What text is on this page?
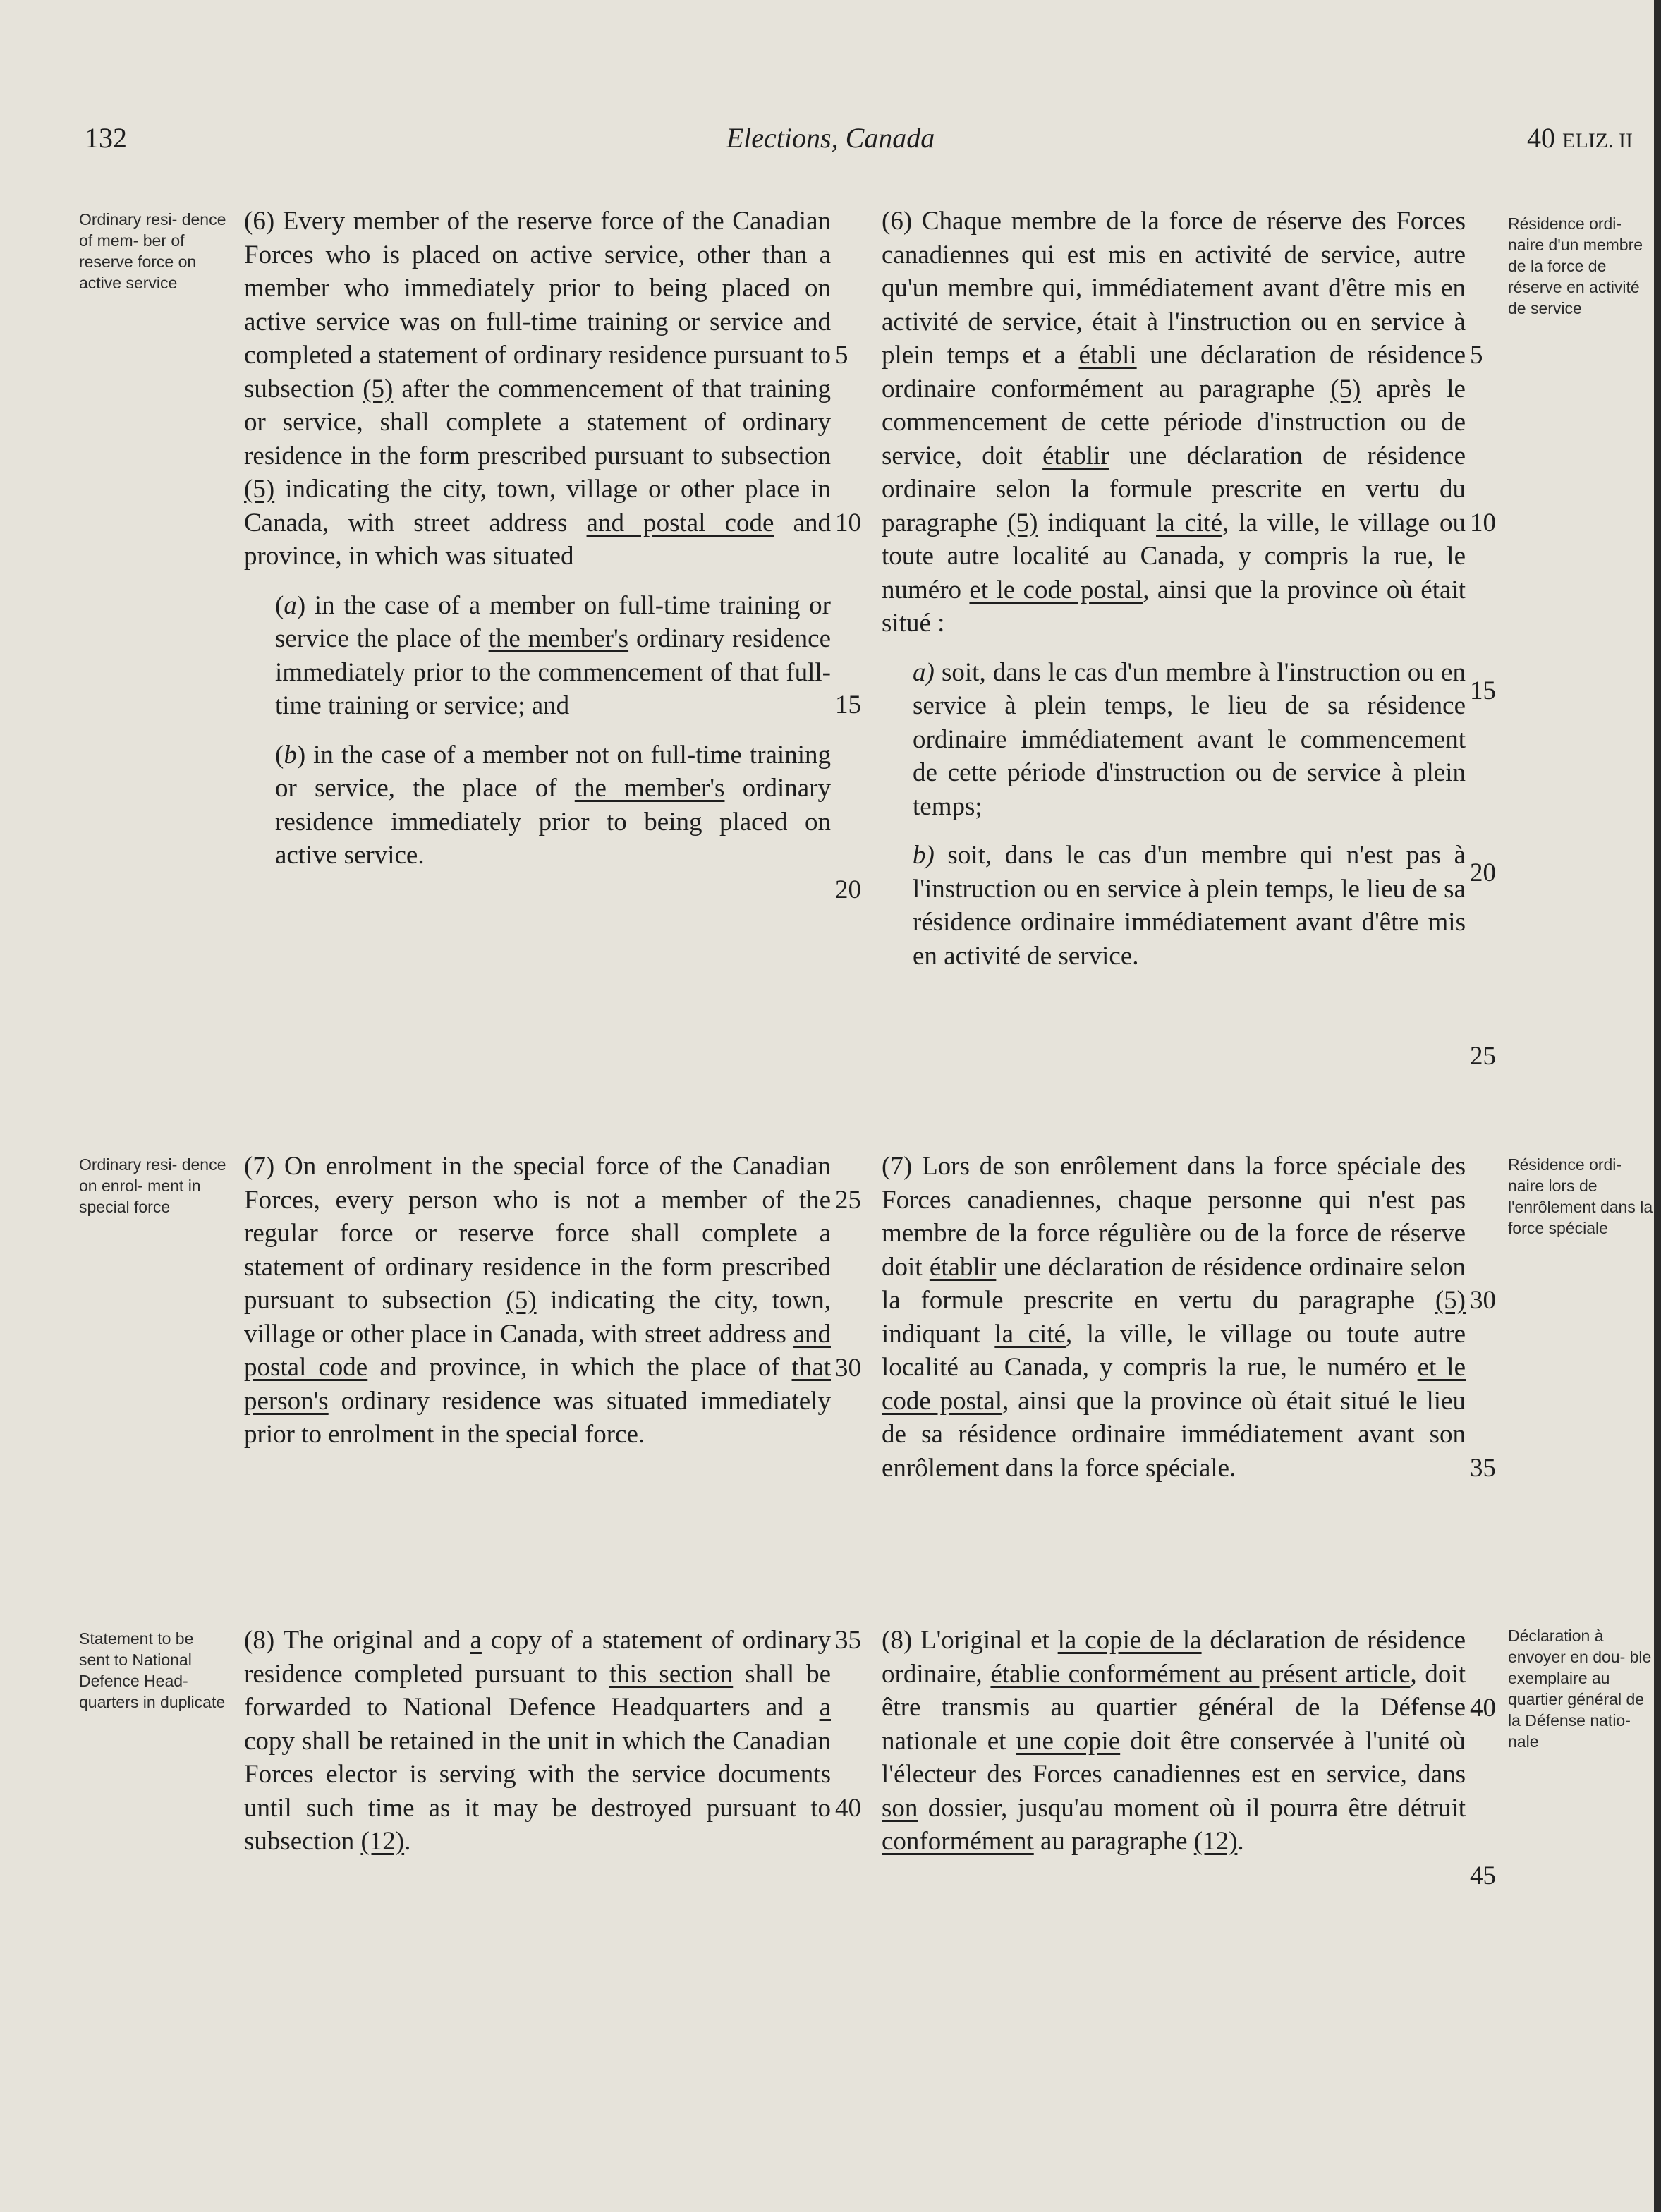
132	Elections, Canada	40 ELIZ. II
Ordinary resi- dence of mem- ber of reserve force on active service
Résidence ordi- naire d'un membre de la force de réserve en activité de service
Ordinary resi- dence on enrol- ment in special force
Résidence ordi- naire lors de l'enrôlement dans la force spéciale
Statement to be sent to National Defence Head- quarters in duplicate
Déclaration à envoyer en dou- ble exemplaire au quartier général de la Défense natio- nale

(6) Every member of the reserve force of the Canadian Forces who is placed on active service, other than a member who immediately prior to being placed on active service was on full-time training or service and completed a statement of ordinary residence pursuant to subsection (5) after the commencement of that training or service, shall complete a statement of ordinary residence in the form prescribed pursuant to subsection (5) indicating the city, town, village or other place in Canada, with street address and postal code and province, in which was situated

(a) in the case of a member on full-time training or service the place of the member's ordinary residence immediately prior to the commencement of that full-time training or service; and

(b) in the case of a member not on full-time training or service, the place of the member's ordinary residence immediately prior to being placed on active service.

(7) On enrolment in the special force of the Canadian Forces, every person who is not a member of the regular force or reserve force shall complete a statement of ordinary residence in the form prescribed pursuant to subsection (5) indicating the city, town, village or other place in Canada, with street address and postal code and province, in which the place of that person's ordinary residence was situated immediately prior to enrolment in the special force.

(8) The original and a copy of a statement of ordinary residence completed pursuant to this section shall be forwarded to National Defence Headquarters and a copy shall be retained in the unit in which the Canadian Forces elector is serving with the service documents until such time as it may be destroyed pursuant to subsection (12).

(6) Chaque membre de la force de réserve des Forces canadiennes qui est mis en activité de service, autre qu'un membre qui, immédiatement avant d'être mis en activité de service, était à l'instruction ou en service à plein temps et a établi une déclaration de résidence ordinaire conformément au paragraphe (5) après le commencement de cette période d'instruction ou de service, doit établir une déclaration de résidence ordinaire selon la formule prescrite en vertu du paragraphe (5) indiquant la cité, la ville, le village ou toute autre localité au Canada, y compris la rue, le numéro et le code postal, ainsi que la province où était situé :

a) soit, dans le cas d'un membre à l'instruction ou en service à plein temps, le lieu de sa résidence ordinaire immédiatement avant le commencement de cette période d'instruction ou de service à plein temps;

b) soit, dans le cas d'un membre qui n'est pas à l'instruction ou en service à plein temps, le lieu de sa résidence ordinaire immédiatement avant d'être mis en activité de service.

(7) Lors de son enrôlement dans la force spéciale des Forces canadiennes, chaque personne qui n'est pas membre de la force régulière ou de la force de réserve doit établir une déclaration de résidence ordinaire selon la formule prescrite en vertu du paragraphe (5) indiquant la cité, la ville, le village ou toute autre localité au Canada, y compris la rue, le numéro et le code postal, ainsi que la province où était situé le lieu de sa résidence ordinaire immédiatement avant son enrôlement dans la force spéciale.

(8) L'original et la copie de la déclaration de résidence ordinaire, établie conformément au présent article, doit être transmis au quartier général de la Défense nationale et une copie doit être conservée à l'unité où l'électeur des Forces canadiennes est en service, dans son dossier, jusqu'au moment où il pourra être détruit conformément au paragraphe (12).

5
10
15
20
25
30
35
40
5
10
15
20
25
30
35
40
45
